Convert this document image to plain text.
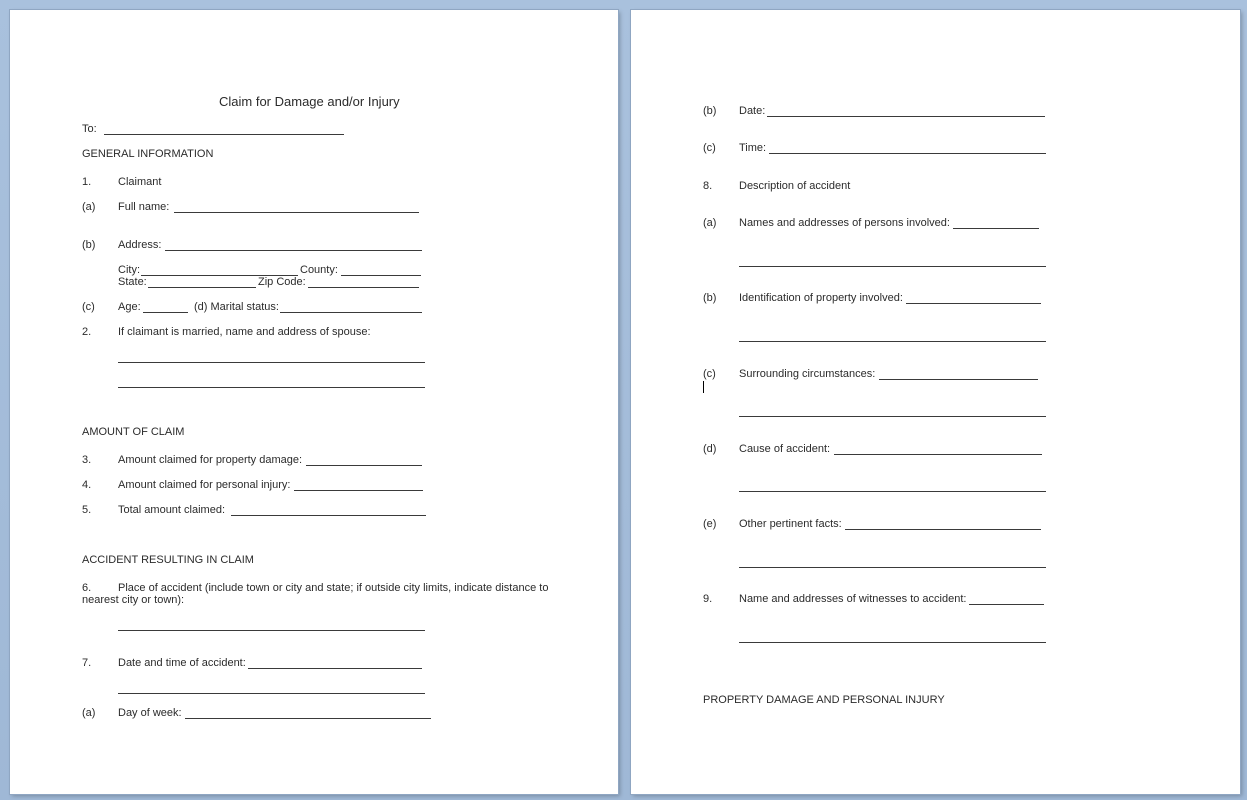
Claim for Damage and/or Injury
To:
GENERAL INFORMATION
1. Claimant
(a) Full name:
(b) Address:
City:	County:
State:	Zip Code:
(c) Age:	(d) Marital status:
2. If claimant is married, name and address of spouse:
AMOUNT OF CLAIM
3. Amount claimed for property damage:
4. Amount claimed for personal injury:
5. Total amount claimed:
ACCIDENT RESULTING IN CLAIM
6. Place of accident (include town or city and state; if outside city limits, indicate distance to
nearest city or town):
7. Date and time of accident:
(a) Day of week:
(b) Date:
(c) Time:
8. Description of accident
(a) Names and addresses of persons involved:
(b) Identification of property involved:
(c) Surrounding circumstances:
(d) Cause of accident:
(e) Other pertinent facts:
9. Name and addresses of witnesses to accident:
PROPERTY DAMAGE AND PERSONAL INJURY
